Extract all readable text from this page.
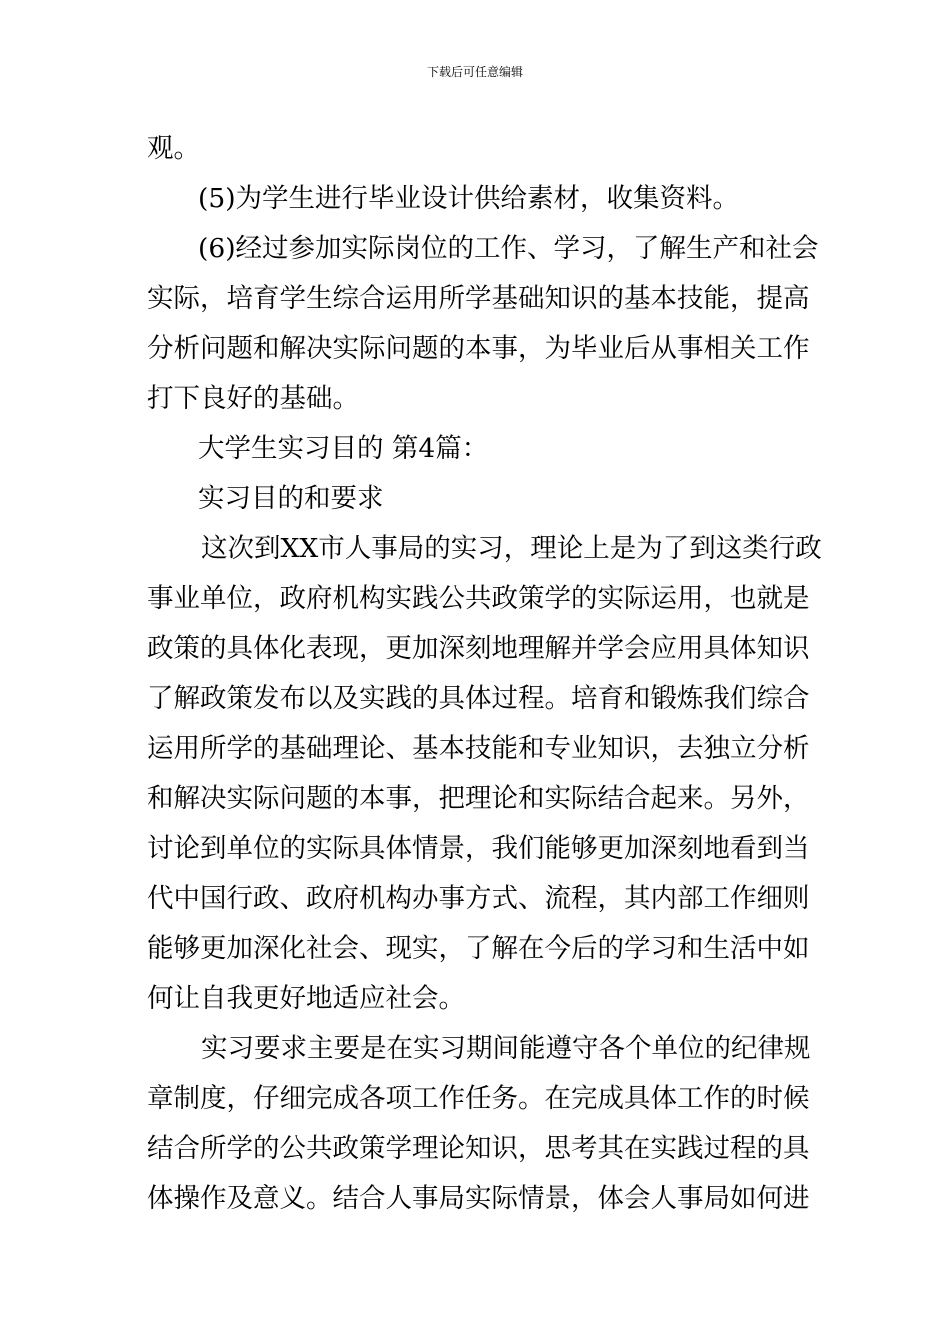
下载后可任意编辑
观。
(5)为学生进行毕业设计供给素材，收集资料。
(6)经过参加实际岗位的工作、学习，了解生产和社会
实际，培育学生综合运用所学基础知识的基本技能，提高
分析问题和解决实际问题的本事，为毕业后从事相关工作
打下良好的基础。
大学生实习目的 第4篇：
实习目的和要求
这次到XX市人事局的实习，理论上是为了到这类行政
事业单位，政府机构实践公共政策学的实际运用，也就是
政策的具体化表现，更加深刻地理解并学会应用具体知识
了解政策发布以及实践的具体过程。培育和锻炼我们综合
运用所学的基础理论、基本技能和专业知识，去独立分析
和解决实际问题的本事，把理论和实际结合起来。另外，
讨论到单位的实际具体情景，我们能够更加深刻地看到当
代中国行政、政府机构办事方式、流程，其内部工作细则
能够更加深化社会、现实，了解在今后的学习和生活中如
何让自我更好地适应社会。
实习要求主要是在实习期间能遵守各个单位的纪律规
章制度，仔细完成各项工作任务。在完成具体工作的时候
结合所学的公共政策学理论知识，思考其在实践过程的具
体操作及意义。结合人事局实际情景，体会人事局如何进
